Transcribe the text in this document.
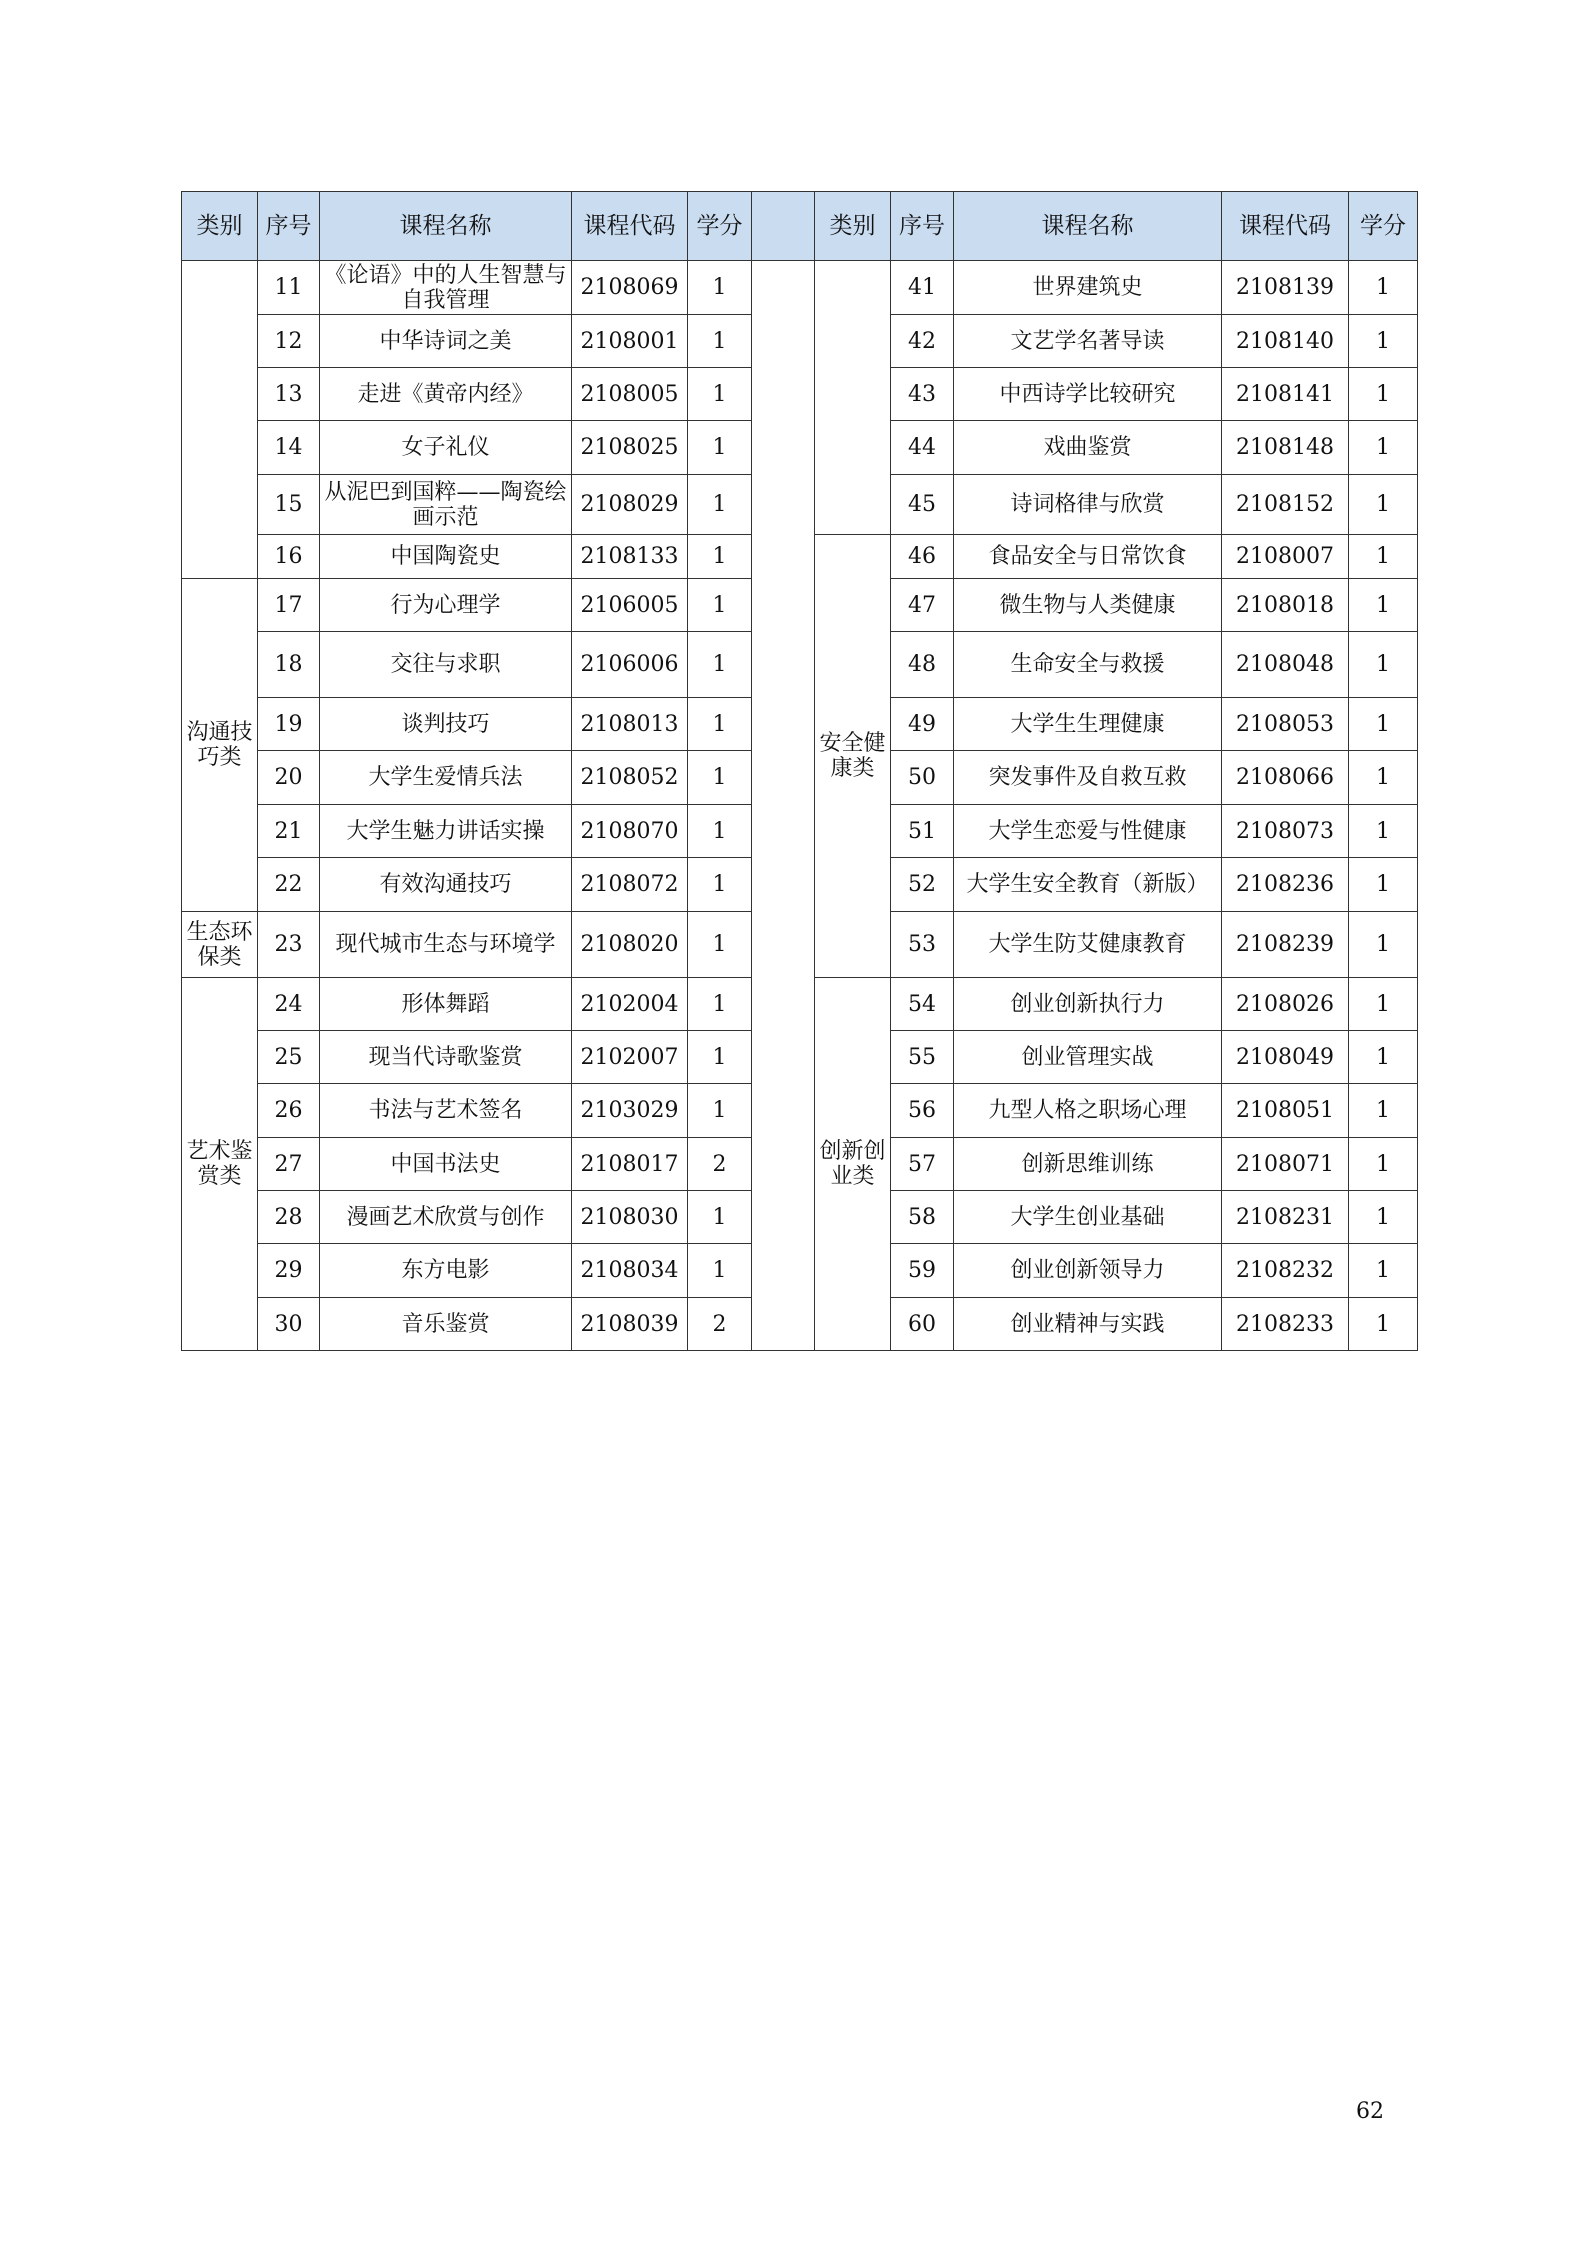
类别	序号	课程名称	课程代码	学分		类别	序号	课程名称	课程代码	学分
	11	《论语》中的人生智慧与自我管理	2108069	1			41	世界建筑史	2108139	1
	12	中华诗词之美	2108001	1			42	文艺学名著导读	2108140	1
	13	走进《黄帝内经》	2108005	1			43	中西诗学比较研究	2108141	1
	14	女子礼仪	2108025	1			44	戏曲鉴赏	2108148	1
	15	从泥巴到国粹——陶瓷绘画示范	2108029	1			45	诗词格律与欣赏	2108152	1
	16	中国陶瓷史	2108133	1		安全健康类	46	食品安全与日常饮食	2108007	1
沟通技巧类	17	行为心理学	2106005	1			47	微生物与人类健康	2108018	1
	18	交往与求职	2106006	1			48	生命安全与救援	2108048	1
	19	谈判技巧	2108013	1			49	大学生生理健康	2108053	1
	20	大学生爱情兵法	2108052	1			50	突发事件及自救互救	2108066	1
	21	大学生魅力讲话实操	2108070	1			51	大学生恋爱与性健康	2108073	1
	22	有效沟通技巧	2108072	1			52	大学生安全教育（新版）	2108236	1
生态环保类	23	现代城市生态与环境学	2108020	1			53	大学生防艾健康教育	2108239	1
艺术鉴赏类	24	形体舞蹈	2102004	1		创新创业类	54	创业创新执行力	2108026	1
	25	现当代诗歌鉴赏	2102007	1			55	创业管理实战	2108049	1
	26	书法与艺术签名	2103029	1			56	九型人格之职场心理	2108051	1
	27	中国书法史	2108017	2			57	创新思维训练	2108071	1
	28	漫画艺术欣赏与创作	2108030	1			58	大学生创业基础	2108231	1
	29	东方电影	2108034	1			59	创业创新领导力	2108232	1
	30	音乐鉴赏	2108039	2			60	创业精神与实践	2108233	1
62
